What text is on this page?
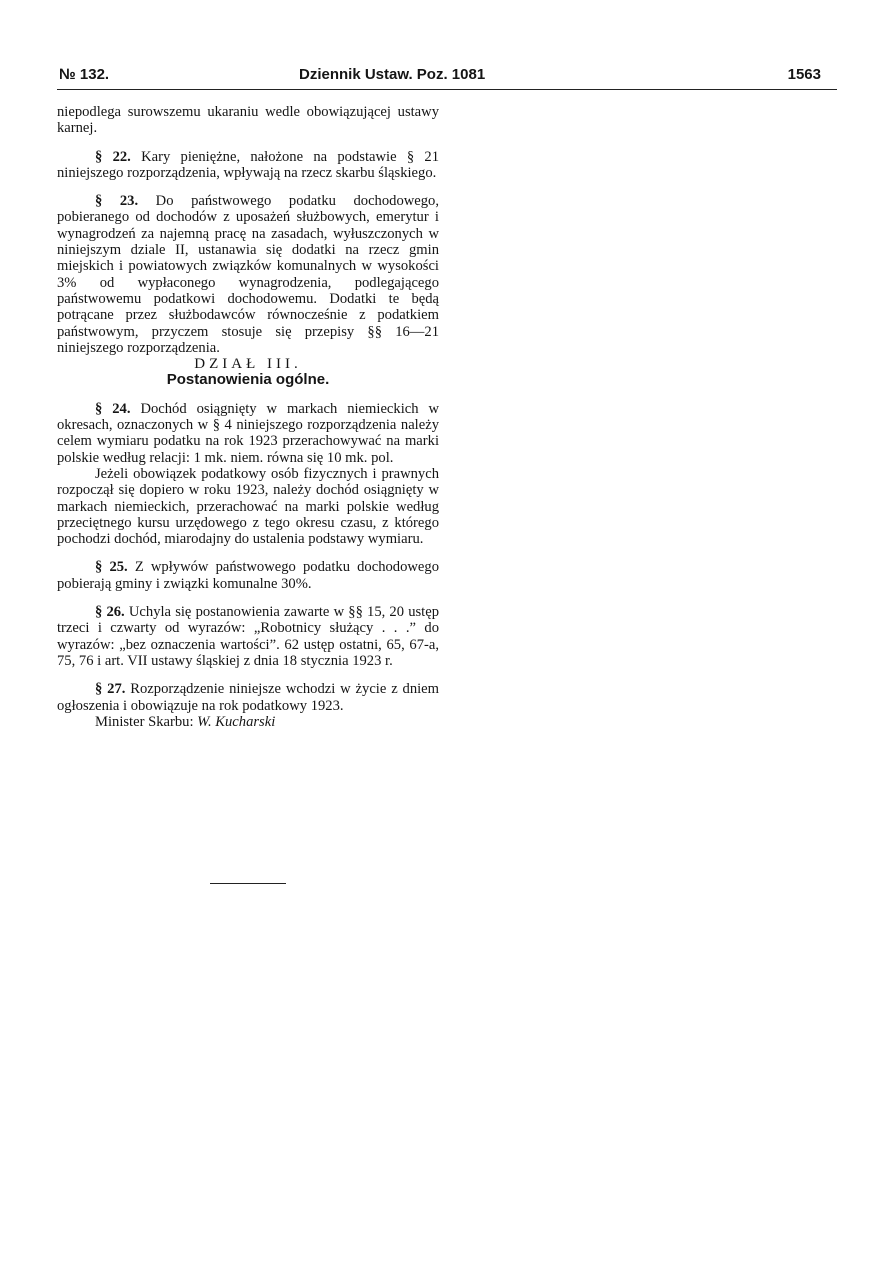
№ 132.	Dziennik Ustaw. Poz. 1081	1563

niepodlega surowszemu ukaraniu wedle obowiązującej ustawy karnej.

§ 22. Kary pieniężne, nałożone na podstawie § 21 niniejszego rozporządzenia, wpływają na rzecz skarbu śląskiego.

§ 23. Do państwowego podatku dochodowego, pobieranego od dochodów z uposażeń służbowych, emerytur i wynagrodzeń za najemną pracę na zasadach, wyłuszczonych w niniejszym dziale II, ustanawia się dodatki na rzecz gmin miejskich i powiatowych związków komunalnych w wysokości 3% od wypłaconego wynagrodzenia, podlegającego państwowemu podatkowi dochodowemu. Dodatki te będą potrącane przez służbodawców równocześnie z podatkiem państwowym, przyczem stosuje się przepisy §§ 16—21 niniejszego rozporządzenia.

DZIAŁ III.

Postanowienia ogólne.

§ 24. Dochód osiągnięty w markach niemieckich w okresach, oznaczonych w § 4 niniejszego rozporządzenia należy celem wymiaru podatku na rok 1923 przerachowywać na marki polskie według relacji: 1 mk. niem. równa się 10 mk. pol.

Jeżeli obowiązek podatkowy osób fizycznych i prawnych rozpoczął się dopiero w roku 1923, należy dochód osiągnięty w markach niemieckich, przerachować na marki polskie według przeciętnego kursu urzędowego z tego okresu czasu, z którego pochodzi dochód, miarodajny do ustalenia podstawy wymiaru.

§ 25. Z wpływów państwowego podatku dochodowego pobierają gminy i związki komunalne 30%.

§ 26. Uchyla się postanowienia zawarte w §§ 15, 20 ustęp trzeci i czwarty od wyrazów: „Robotnicy służący . . .” do wyrazów: „bez oznaczenia wartości”. 62 ustęp ostatni, 65, 67-a, 75, 76 i art. VII ustawy śląskiej z dnia 18 stycznia 1923 r.

§ 27. Rozporządzenie niniejsze wchodzi w życie z dniem ogłoszenia i obowiązuje na rok podatkowy 1923.

Minister Skarbu: W. Kucharski
